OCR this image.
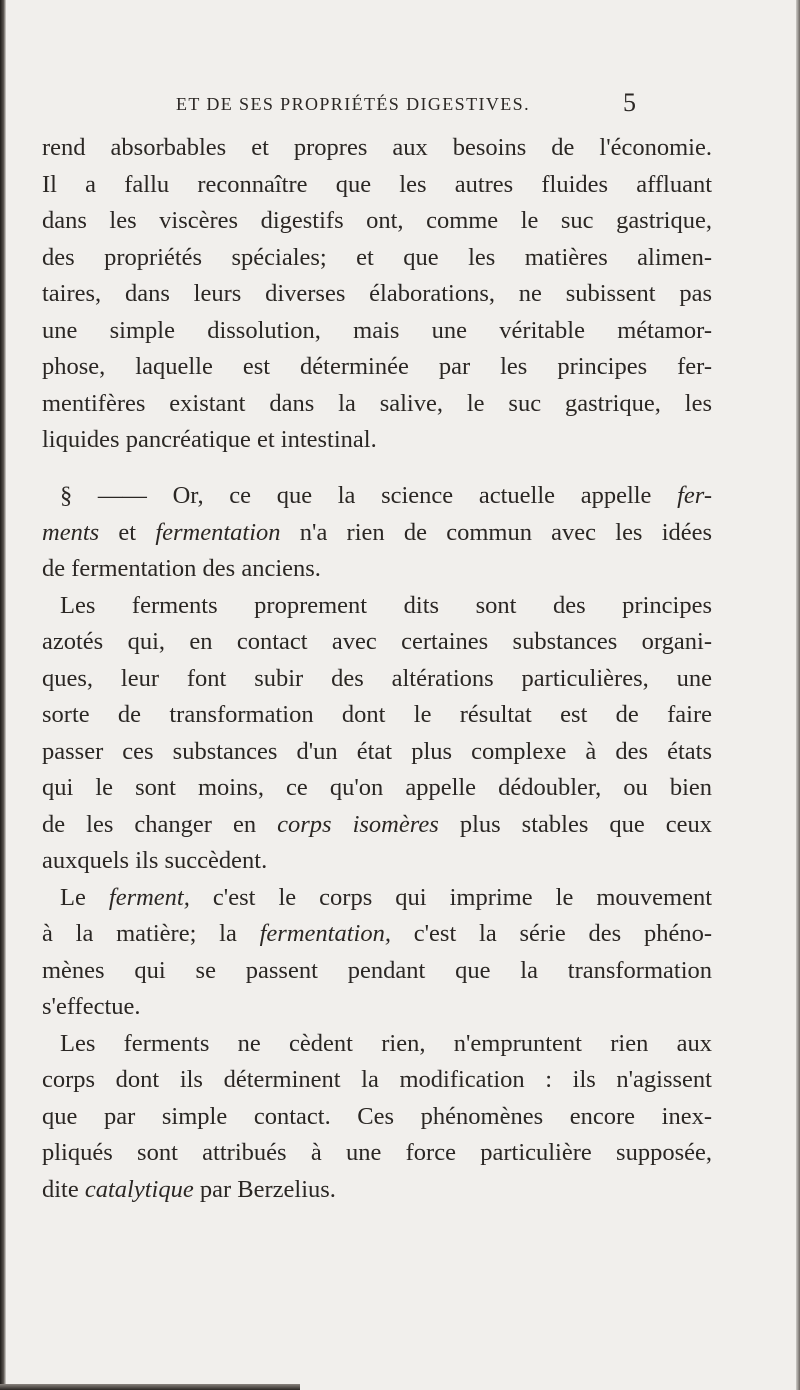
ET DE SES PROPRIÉTÉS DIGESTIVES.	5
rend absorbables et propres aux besoins de l'économie.
Il a fallu reconnaître que les autres fluides affluant
dans les viscères digestifs ont, comme le suc gastrique,
des propriétés spéciales; et que les matières alimen-
taires, dans leurs diverses élaborations, ne subissent pas
une simple dissolution, mais une véritable métamor-
phose, laquelle est déterminée par les principes fer-
mentifères existant dans la salive, le suc gastrique, les
liquides pancréatique et intestinal.
§ —— Or, ce que la science actuelle appelle fer-
ments et fermentation n'a rien de commun avec les idées
de fermentation des anciens.
Les ferments proprement dits sont des principes
azotés qui, en contact avec certaines substances organi-
ques, leur font subir des altérations particulières, une
sorte de transformation dont le résultat est de faire
passer ces substances d'un état plus complexe à des états
qui le sont moins, ce qu'on appelle dédoubler, ou bien
de les changer en corps isomères plus stables que ceux
auxquels ils succèdent.
Le ferment, c'est le corps qui imprime le mouvement
à la matière; la fermentation, c'est la série des phéno-
mènes qui se passent pendant que la transformation
s'effectue.
Les ferments ne cèdent rien, n'empruntent rien aux
corps dont ils déterminent la modification : ils n'agissent
que par simple contact. Ces phénomènes encore inex-
pliqués sont attribués à une force particulière supposée,
dite catalytique par Berzelius.
